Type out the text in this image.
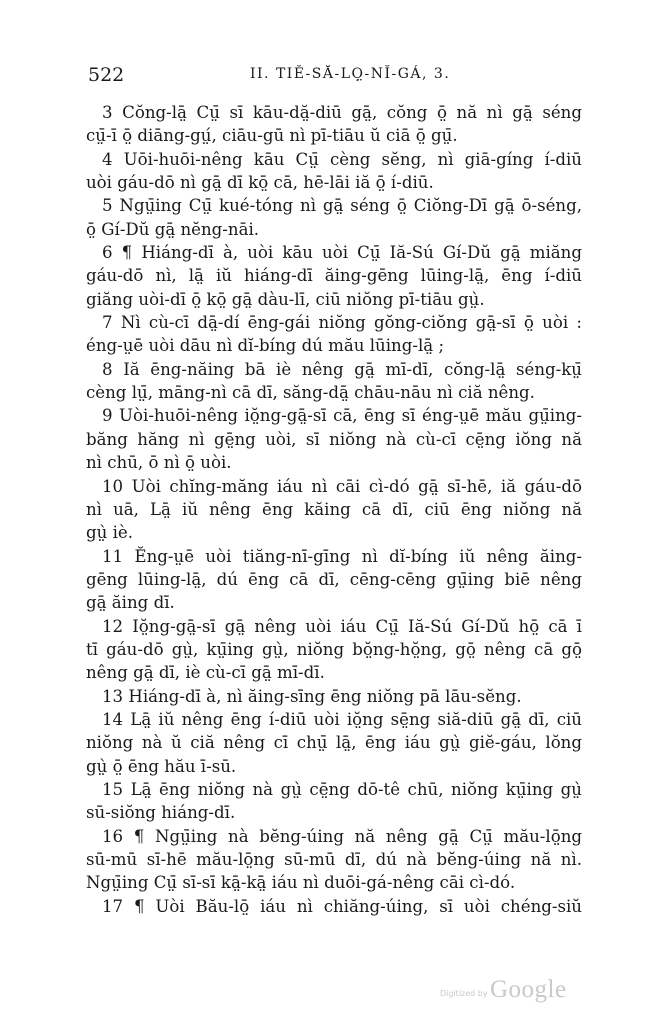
522	II. TIĔ-SĂ-LỌ̤-NĬ-GÁ, 3.
3 Cŏng-lā̤ Cṳ̄ sī kāu-dă̤-diū gā̤, cŏng ō̤ nă nì gā̤ séng
cṳ̄-ī ō̤ diāng-gṳ́, ciāu-gū nì pī-tiāu ŭ ciā ō̤ gṳ̄.
4 Uōi-huōi-nêng kāu Cṳ̄ cèng sĕng, nì giā-gíng í-diū
uòi gáu-dō nì gā̤ dī kō̤ cā, hē-lāi iă ō̤ í-diū.
5 Ngṳ̄ing Cṳ̄ kué-tóng nì gā̤ séng ō̤ Ciŏng-Dī gā̤ ō-séng,
ō̤ Gí-Dŭ gā̤ nĕng-nāi.
6 ¶ Hiáng-dī à, uòi kāu uòi Cṳ̄ Iă-Sú Gí-Dŭ gā̤ miăng
gáu-dō nì, lā̤ iŭ hiáng-dī ăing-gēng lūing-lā̤, ēng í-diū
giăng uòi-dī ō̤ kō̤ gā̤ dàu-lī, ciū niŏng pī-tiāu gṳ̀.
7 Nì cù-cī dā̤-dí ēng-gái niŏng gŏng-ciŏng gā̤-sī ō̤ uòi :
éng-ṳē uòi dāu nì dĭ-bíng dú mău lūing-lā̤ ;
8 Iă ēng-năing bā iè nêng gā̤ mī-dī, cŏng-lā̤ séng-kṳ̄
cèng lṳ̄, māng-nì cā dī, săng-dā̤ chāu-nāu nì ciă nêng.
9 Uòi-huōi-nêng iŏ̤ng-gā̤-sī cā, ēng sī éng-ṳē mău gṳ̄ing-
băng hăng nì gē̤ng uòi, sī niŏng nà cù-cī cē̤ng iŏng nă
nì chū, ō nì ō̤ uòi.
10 Uòi chĭng-măng iáu nì cāi cì-dó gā̤ sī-hē, iă gáu-dō
nì uā, Lā̤ iŭ nêng ēng kăing cā dī, ciū ēng niŏng nă
gṳ̀ iè.
11 Ĕng-ṳē uòi tiăng-nī-gīng nì dĭ-bíng iŭ nêng ăing-
gēng lūing-lā̤, dú ēng cā dī, cēng-cēng gṳ̄ing biē nêng
gā̤ ăing dī.
12 Iŏ̤ng-gā̤-sī gā̤ nêng uòi iáu Cṳ̄ Iă-Sú Gí-Dŭ hō̤ cā ī
tī gáu-dō gṳ̀, kṳ̄ing gṳ̀, niŏng bŏ̤ng-hŏ̤ng, gō̤ nêng cā gō̤
nêng gā̤ dī, iè cù-cī gā̤ mī-dī.
13 Hiáng-dī à, nì ăing-sīng ēng niŏng pā lāu-sĕng.
14 Lā̤ iŭ nêng ēng í-diū uòi iŏ̤ng sē̤ng siă-diū gā̤ dī, ciū
niŏng nà ŭ ciă nêng cī chṳ̄ lā̤, ēng iáu gṳ̀ giĕ-gáu, lŏng
gṳ̀ ō̤ ēng hău ī-sū.
15 Lā̤ ēng niŏng nà gṳ̀ cē̤ng dō-tê chū, niŏng kṳ̄ing gṳ̀
sū-siŏng hiáng-dī.
16 ¶ Ngṳ̄ing nà bĕng-úing nă nêng gā̤ Cṳ̄ mău-lō̤ng
sū-mū sī-hē mău-lō̤ng sū-mū dī, dú nà bĕng-úing nă nì.
Ngṳ̄ing Cṳ̄ sī-sī kā̤-kā̤ iáu nì duōi-gá-nêng cāi cì-dó.
17 ¶ Uòi Bău-lō̤ iáu nì chiăng-úing, sī uòi chéng-siŭ
Digitized by Google
